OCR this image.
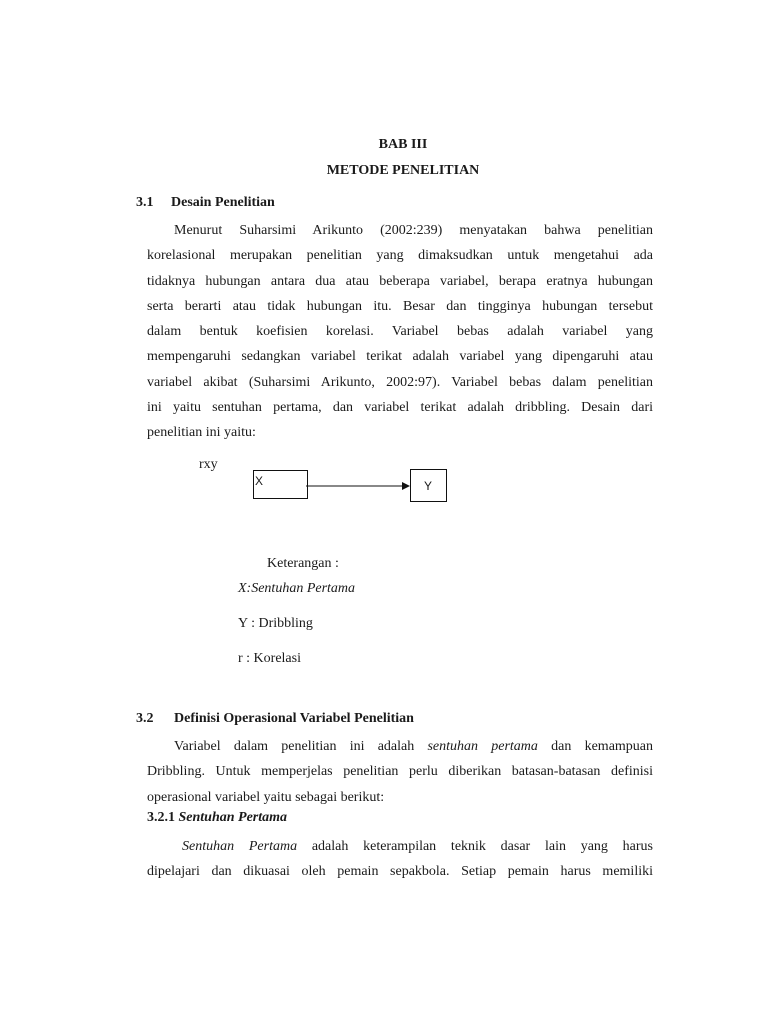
BAB III
METODE PENELITIAN
3.1 Desain Penelitian
Menurut Suharsimi Arikunto (2002:239) menyatakan bahwa penelitian
korelasional merupakan penelitian yang dimaksudkan untuk mengetahui ada
tidaknya hubungan antara dua atau beberapa variabel, berapa eratnya hubungan
serta berarti atau tidak hubungan itu. Besar dan tingginya hubungan tersebut
dalam bentuk koefisien korelasi. Variabel bebas adalah variabel yang
mempengaruhi sedangkan variabel terikat adalah variabel yang dipengaruhi atau
variabel akibat (Suharsimi Arikunto, 2002:97). Variabel bebas dalam penelitian
ini yaitu sentuhan pertama, dan variabel terikat adalah dribbling. Desain dari
penelitian ini yaitu:
rxy
X	Y
Keterangan :
X:Sentuhan Pertama
Y : Dribbling
r : Korelasi
3.2 Definisi Operasional Variabel Penelitian
Variabel dalam penelitian ini adalah sentuhan pertama dan kemampuan
Dribbling. Untuk memperjelas penelitian perlu diberikan batasan-batasan definisi
operasional variabel yaitu sebagai berikut:
3.2.1 Sentuhan Pertama
Sentuhan Pertama adalah keterampilan teknik dasar lain yang harus
dipelajari dan dikuasai oleh pemain sepakbola. Setiap pemain harus memiliki
